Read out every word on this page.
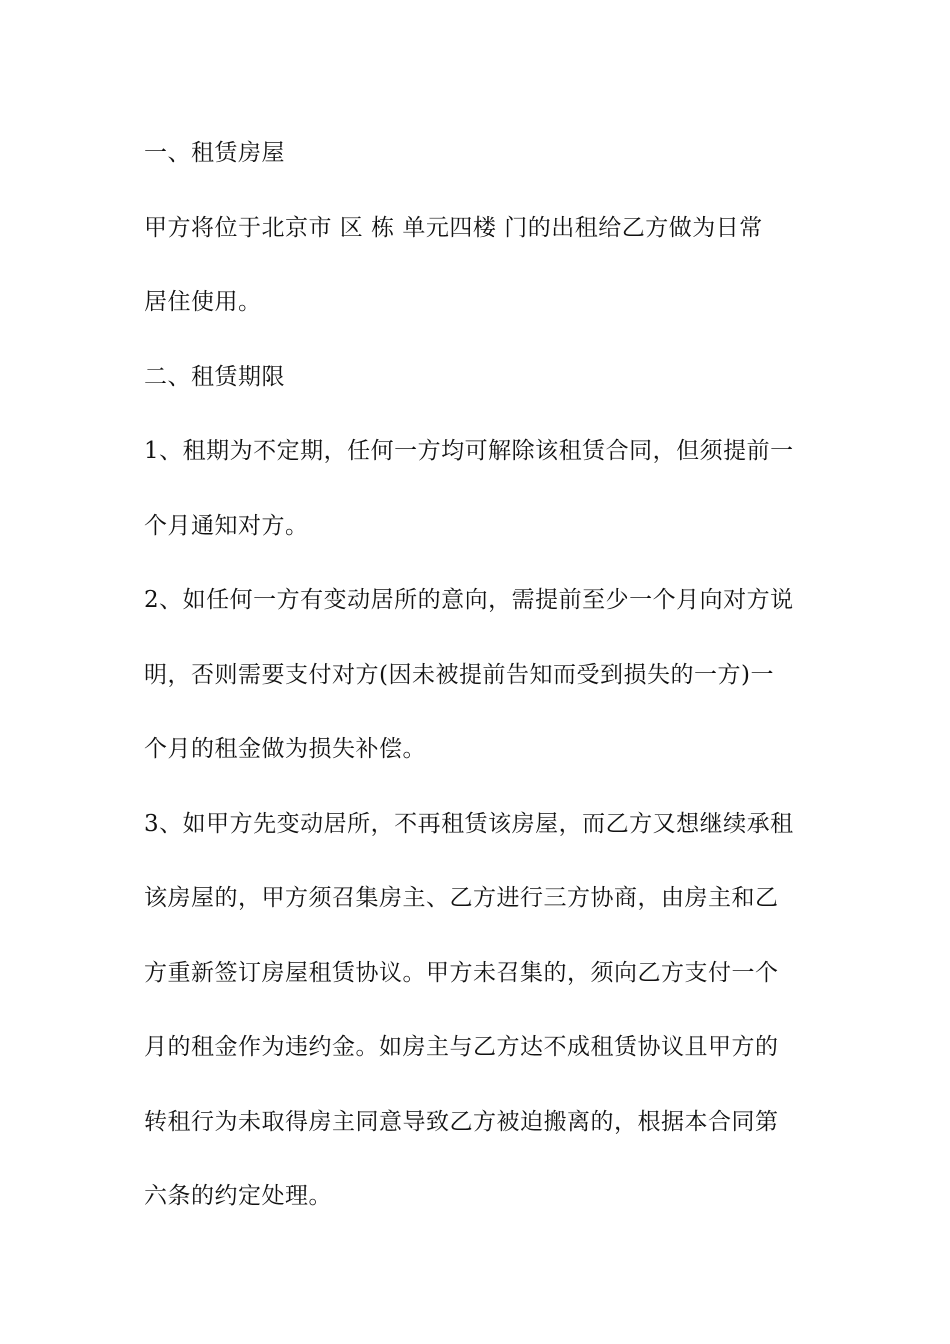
一、租赁房屋
甲方将位于北京市 区 栋 单元四楼 门的出租给乙方做为日常
居住使用。
二、租赁期限
1、租期为不定期，任何一方均可解除该租赁合同，但须提前一
个月通知对方。
2、如任何一方有变动居所的意向，需提前至少一个月向对方说
明，否则需要支付对方(因未被提前告知而受到损失的一方)一
个月的租金做为损失补偿。
3、如甲方先变动居所，不再租赁该房屋，而乙方又想继续承租
该房屋的，甲方须召集房主、乙方进行三方协商，由房主和乙
方重新签订房屋租赁协议。甲方未召集的，须向乙方支付一个
月的租金作为违约金。如房主与乙方达不成租赁协议且甲方的
转租行为未取得房主同意导致乙方被迫搬离的，根据本合同第
六条的约定处理。
